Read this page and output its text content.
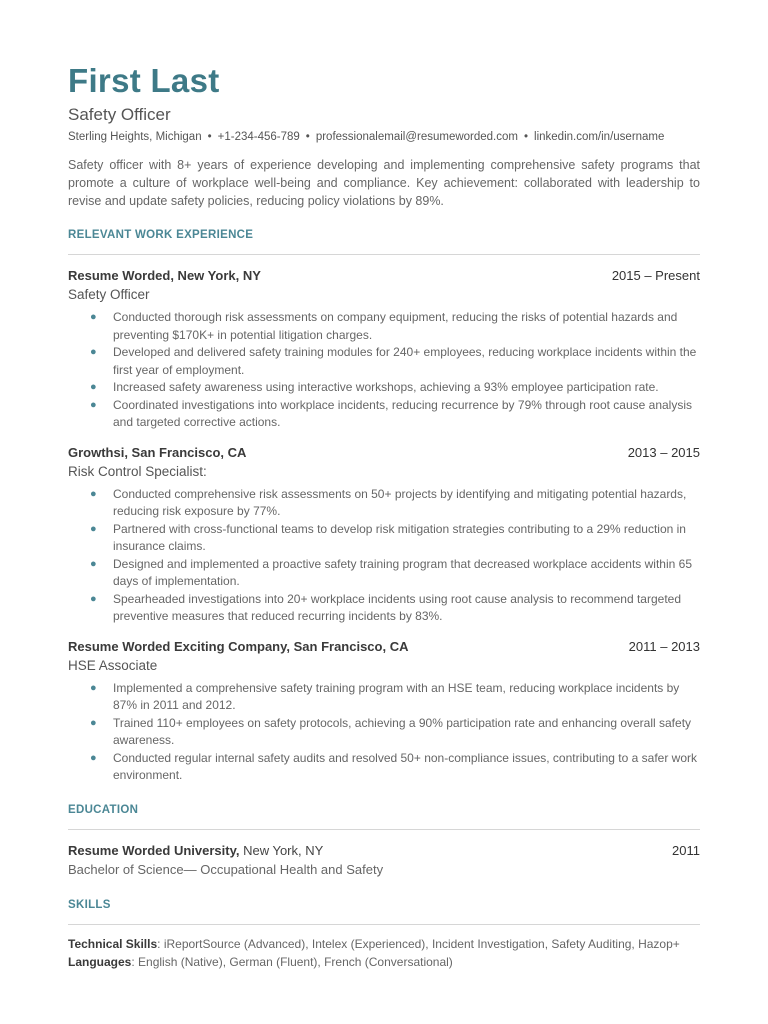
First Last
Safety Officer
Sterling Heights, Michigan • +1-234-456-789 • professionalemail@resumeworded.com • linkedin.com/in/username
Safety officer with 8+ years of experience developing and implementing comprehensive safety programs that promote a culture of workplace well-being and compliance. Key achievement: collaborated with leadership to revise and update safety policies, reducing policy violations by 89%.
RELEVANT WORK EXPERIENCE
Resume Worded, New York, NY	2015 – Present
Safety Officer
● Conducted thorough risk assessments on company equipment, reducing the risks of potential hazards and preventing $170K+ in potential litigation charges.
● Developed and delivered safety training modules for 240+ employees, reducing workplace incidents within the first year of employment.
● Increased safety awareness using interactive workshops, achieving a 93% employee participation rate.
● Coordinated investigations into workplace incidents, reducing recurrence by 79% through root cause analysis and targeted corrective actions.
Growthsi, San Francisco, CA	2013 – 2015
Risk Control Specialist:
● Conducted comprehensive risk assessments on 50+ projects by identifying and mitigating potential hazards, reducing risk exposure by 77%.
● Partnered with cross-functional teams to develop risk mitigation strategies contributing to a 29% reduction in insurance claims.
● Designed and implemented a proactive safety training program that decreased workplace accidents within 65 days of implementation.
● Spearheaded investigations into 20+ workplace incidents using root cause analysis to recommend targeted preventive measures that reduced recurring incidents by 83%.
Resume Worded Exciting Company, San Francisco, CA	2011 – 2013
HSE Associate
● Implemented a comprehensive safety training program with an HSE team, reducing workplace incidents by 87% in 2011 and 2012.
● Trained 110+ employees on safety protocols, achieving a 90% participation rate and enhancing overall safety awareness.
● Conducted regular internal safety audits and resolved 50+ non-compliance issues, contributing to a safer work environment.
EDUCATION
Resume Worded University, New York, NY	2011
Bachelor of Science— Occupational Health and Safety
SKILLS
Technical Skills: iReportSource (Advanced), Intelex (Experienced), Incident Investigation, Safety Auditing, Hazop+
Languages: English (Native), German (Fluent), French (Conversational)
